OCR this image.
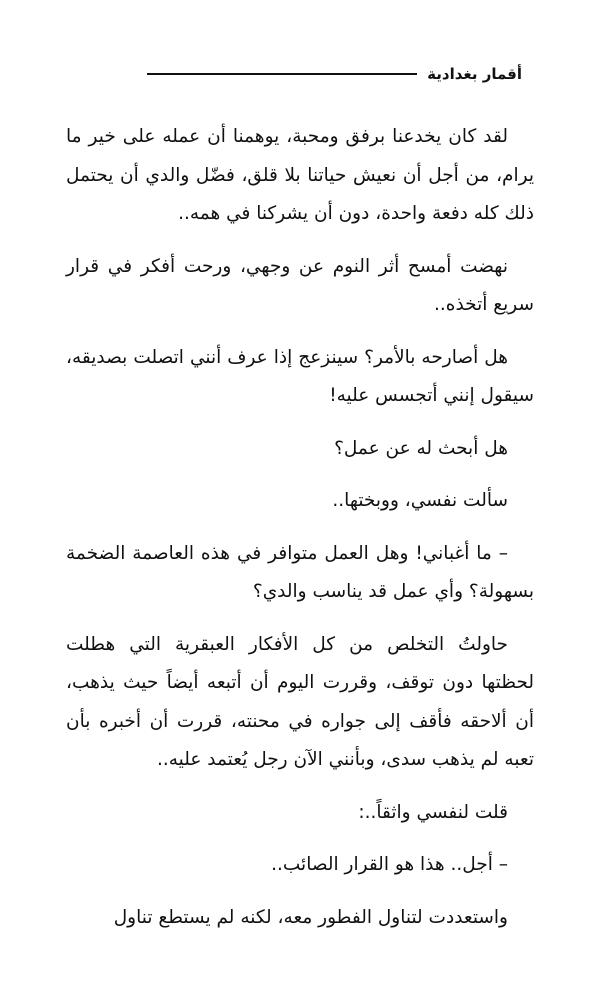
أقمار بغدادية

لقد كان يخدعنا برفق ومحبة، يوهمنا أن عمله على خير ما يرام، من أجل أن نعيش حياتنا بلا قلق، فضّل والدي أن يحتمل ذلك كله دفعة واحدة، دون أن يشركنا في همه..

نهضت أمسح أثر النوم عن وجهي، ورحت أفكر في قرار سريع أتخذه..

هل أصارحه بالأمر؟ سينزعج إذا عرف أنني اتصلت بصديقه، سيقول إنني أتجسس عليه!

هل أبحث له عن عمل؟

سألت نفسي، ووبختها..

– ما أغباني! وهل العمل متوافر في هذه العاصمة الضخمة بسهولة؟ وأي عمل قد يناسب والدي؟

حاولتُ التخلص من كل الأفكار العبقرية التي هطلت لحظتها دون توقف، وقررت اليوم أن أتبعه أيضاً حيث يذهب، أن ألاحقه فأقف إلى جواره في محنته، قررت أن أخبره بأن تعبه لم يذهب سدى، وبأنني الآن رجل يُعتمد عليه..

قلت لنفسي واثقاً..:

– أجل.. هذا هو القرار الصائب..

واستعددت لتناول الفطور معه، لكنه لم يستطع تناول
